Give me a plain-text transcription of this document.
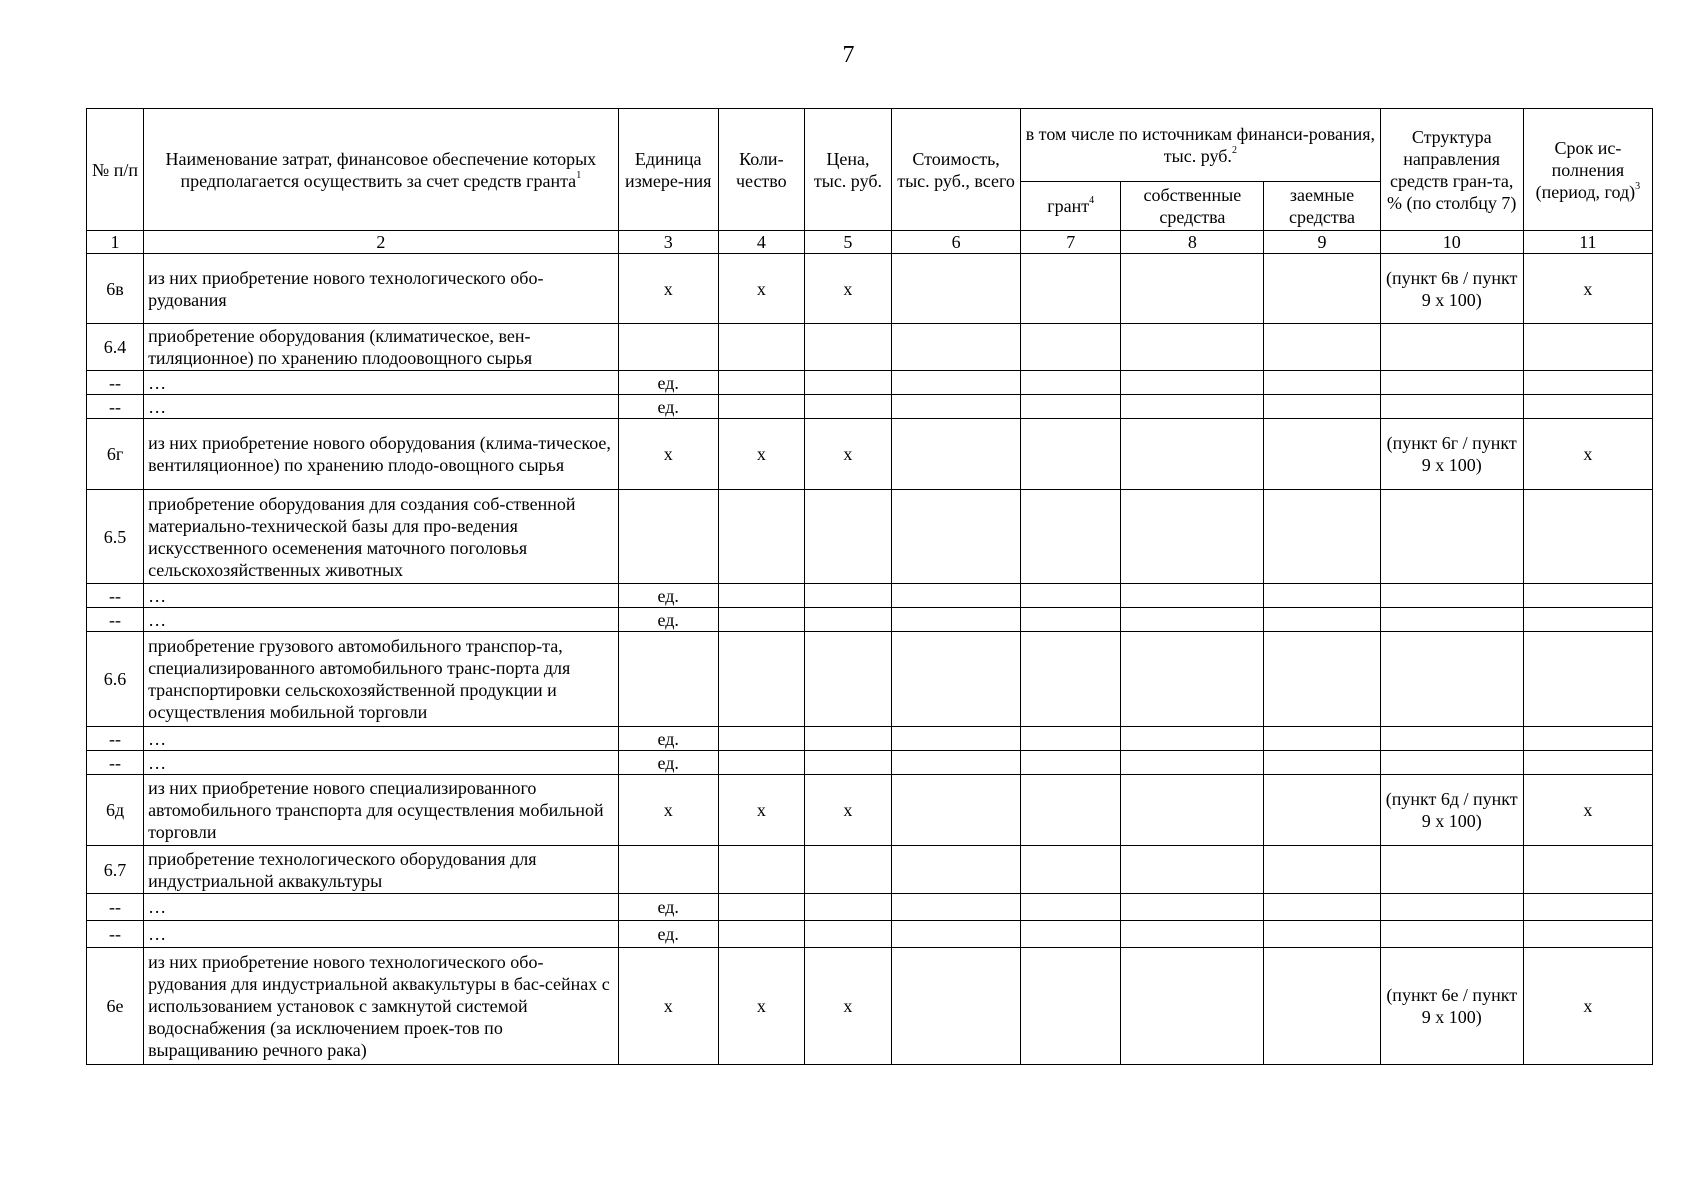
7
№ п/п	Наименование затрат, финансовое обеспечение которых предполагается осуществить за счет средств гранта$^1$	Единица измере-ния	Коли-чество	Цена, тыс. руб.	Стоимость, тыс. руб., всего	в том числе по источникам финанси-рования, тыс. руб.$^2$			Структура направления средств гран-та, % (по столбцу 7)	Срок ис-полнения (период, год)$^3$
						грант$^4$	собственные средства	заемные средства		
1	2	3	4	5	6	7	8	9	10	11
6в	из них приобретение нового технологического обо-рудования	х	х	х					(пункт 6в / пункт 9 х 100)	х
6.4	приобретение оборудования (климатическое, вен-тиляционное) по хранению плодоовощного сырья									
--	…	ед.								
--	…	ед.								
6г	из них приобретение нового оборудования (клима-тическое, вентиляционное) по хранению плодо-овощного сырья	х	х	х					(пункт 6г / пункт 9 х 100)	х
6.5	приобретение оборудования для создания соб-ственной материально-технической базы для про-ведения искусственного осеменения маточного поголовья сельскохозяйственных животных									
--	…	ед.								
--	…	ед.								
6.6	приобретение грузового автомобильного транспор-та, специализированного автомобильного транс-порта для транспортировки сельскохозяйственной продукции и осуществления мобильной торговли									
--	…	ед.								
--	…	ед.								
6д	из них приобретение нового специализированного автомобильного транспорта для осуществления мобильной торговли	х	х	х					(пункт 6д / пункт 9 х 100)	х
6.7	приобретение технологического оборудования для индустриальной аквакультуры									
--	…	ед.								
--	…	ед.								
6е	из них приобретение нового технологического обо-рудования для индустриальной аквакультуры в бас-сейнах с использованием установок с замкнутой системой водоснабжения (за исключением проек-тов по выращиванию речного рака)	х	х	х					(пункт 6е / пункт 9 х 100)	х
